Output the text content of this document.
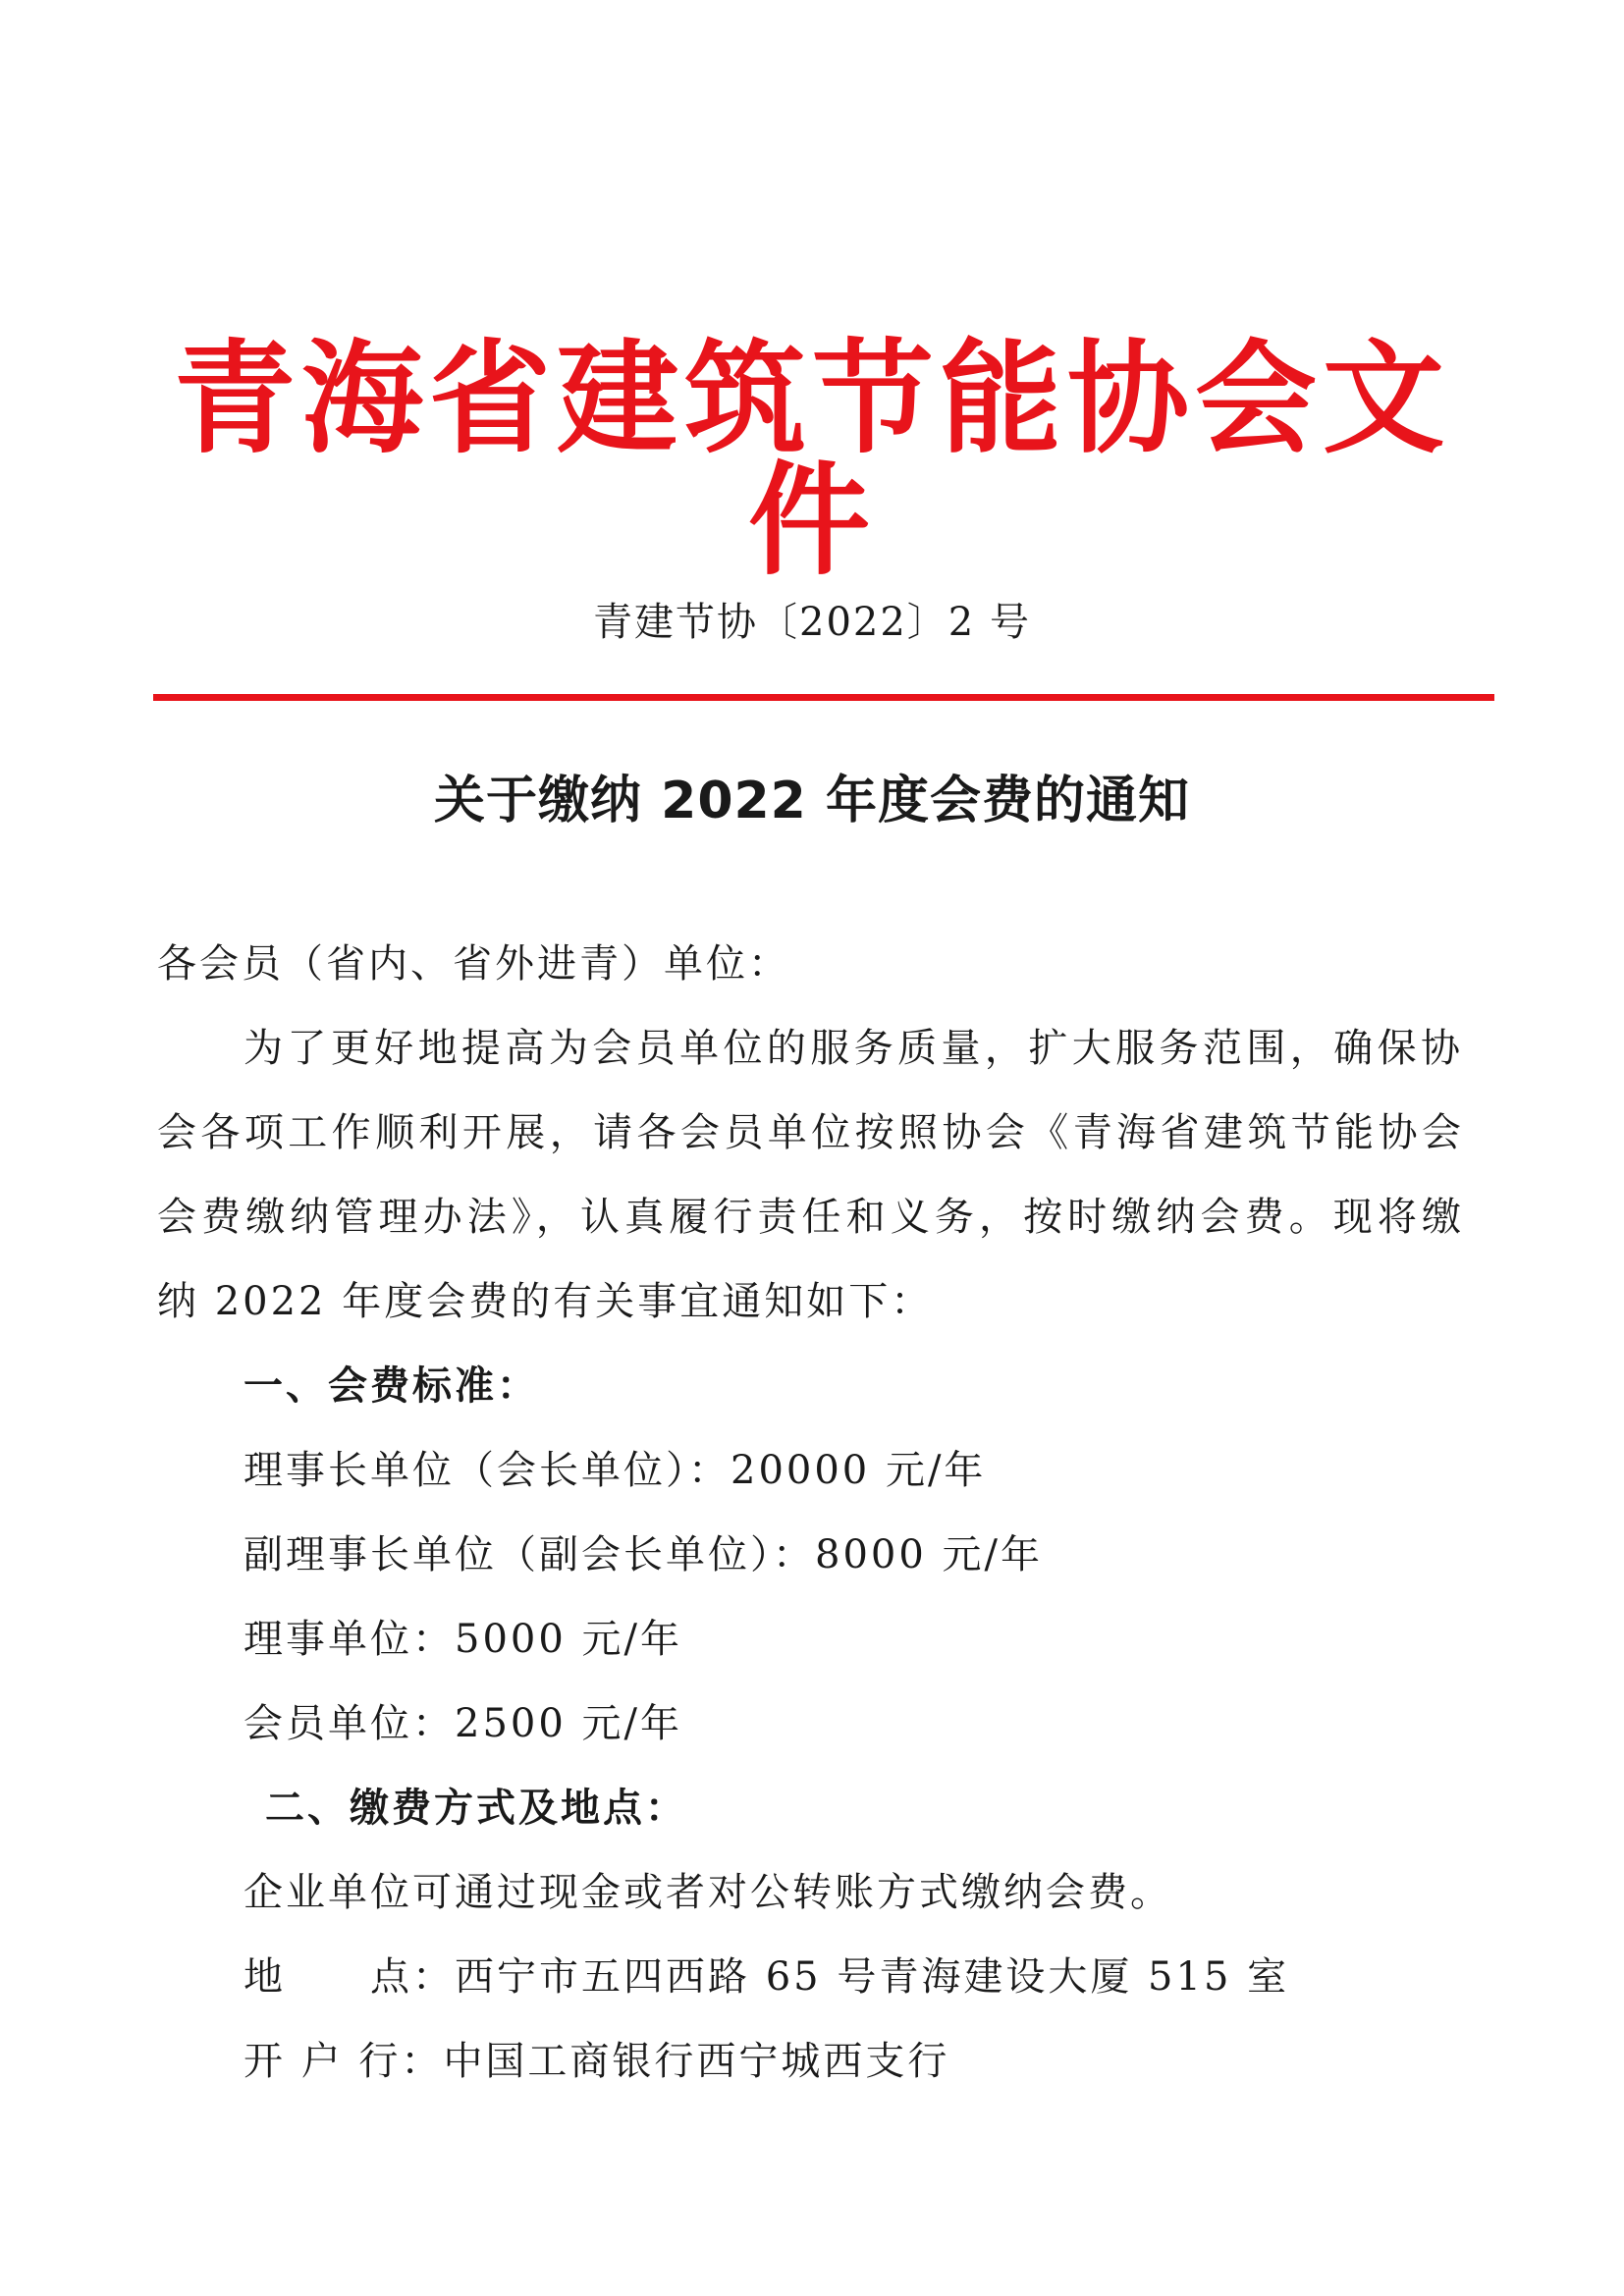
青海省建筑节能协会文件
青建节协〔2022〕2 号
关于缴纳 2022 年度会费的通知
各会员（省内、省外进青）单位：
为了更好地提高为会员单位的服务质量，扩大服务范围，确保协
会各项工作顺利开展，请各会员单位按照协会《青海省建筑节能协会
会费缴纳管理办法》，认真履行责任和义务，按时缴纳会费。现将缴
纳 2022 年度会费的有关事宜通知如下：
一、会费标准：
理事长单位（会长单位）：20000 元/年
副理事长单位（副会长单位）：8000 元/年
理事单位：5000 元/年
会员单位：2500 元/年
二、缴费方式及地点：
企业单位可通过现金或者对公转账方式缴纳会费。
地　　点：西宁市五四西路 65 号青海建设大厦 515 室
开 户 行：中国工商银行西宁城西支行
